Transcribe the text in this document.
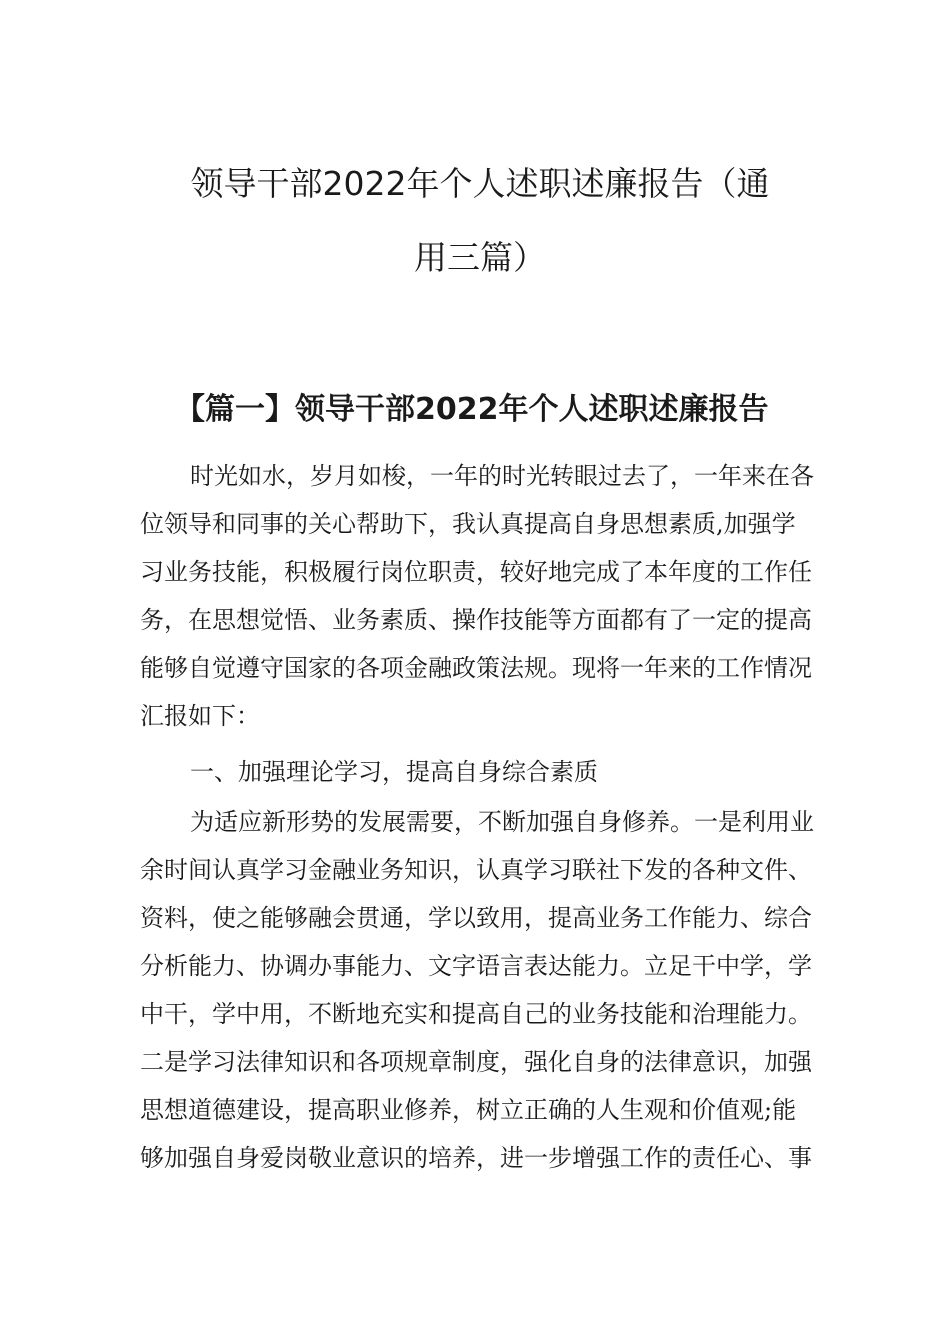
领导干部2022年个人述职述廉报告（通
用三篇）
【篇一】领导干部2022年个人述职述廉报告
时光如水，岁月如梭，一年的时光转眼过去了，一年来在各
位领导和同事的关心帮助下，我认真提高自身思想素质,加强学
习业务技能，积极履行岗位职责，较好地完成了本年度的工作任
务，在思想觉悟、业务素质、操作技能等方面都有了一定的提高
能够自觉遵守国家的各项金融政策法规。现将一年来的工作情况
汇报如下：
一、加强理论学习，提高自身综合素质
为适应新形势的发展需要，不断加强自身修养。一是利用业
余时间认真学习金融业务知识，认真学习联社下发的各种文件、
资料，使之能够融会贯通，学以致用，提高业务工作能力、综合
分析能力、协调办事能力、文字语言表达能力。立足干中学，学
中干，学中用，不断地充实和提高自己的业务技能和治理能力。
二是学习法律知识和各项规章制度，强化自身的法律意识，加强
思想道德建设，提高职业修养，树立正确的人生观和价值观;能
够加强自身爱岗敬业意识的培养，进一步增强工作的责任心、事
